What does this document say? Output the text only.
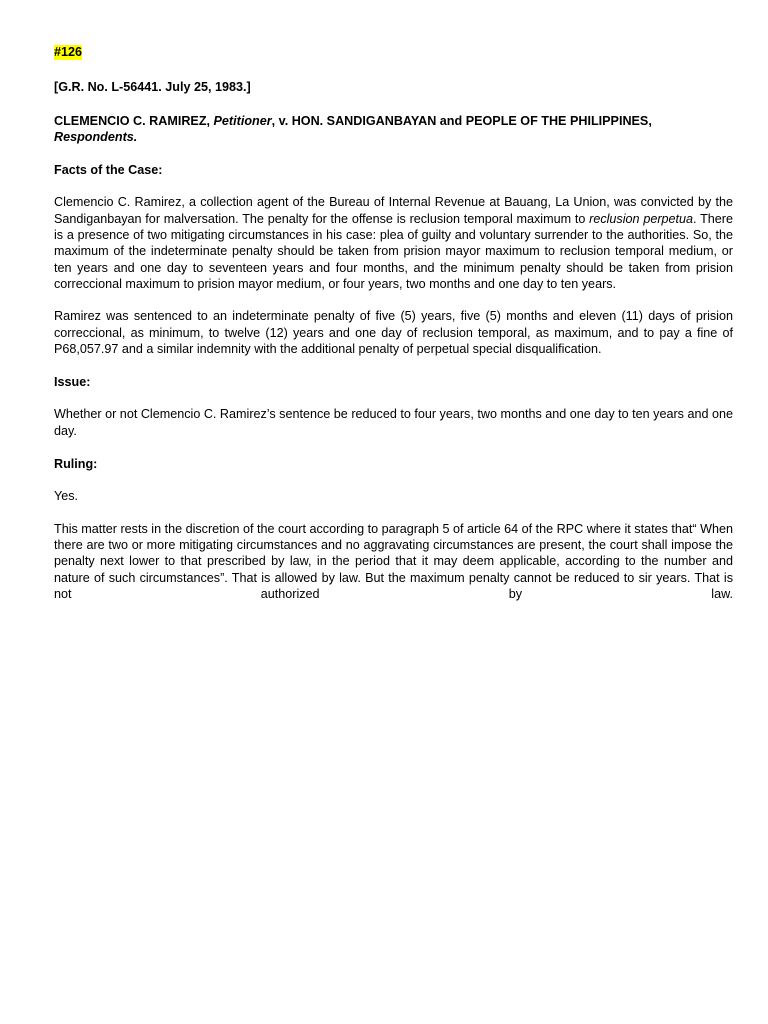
#126

[G.R. No. L-56441. July 25, 1983.]

CLEMENCIO C. RAMIREZ, Petitioner, v. HON. SANDIGANBAYAN and PEOPLE OF THE PHILIPPINES, Respondents.

Facts of the Case:

Clemencio C. Ramirez, a collection agent of the Bureau of Internal Revenue at Bauang, La Union, was convicted by the Sandiganbayan for malversation. The penalty for the offense is reclusion temporal maximum to reclusion perpetua. There is a presence of two mitigating circumstances in his case: plea of guilty and voluntary surrender to the authorities. So, the maximum of the indeterminate penalty should be taken from prision mayor maximum to reclusion temporal medium, or ten years and one day to seventeen years and four months, and the minimum penalty should be taken from prision correccional maximum to prision mayor medium, or four years, two months and one day to ten years.

Ramirez was sentenced to an indeterminate penalty of five (5) years, five (5) months and eleven (11) days of prision correccional, as minimum, to twelve (12) years and one day of reclusion temporal, as maximum, and to pay a fine of P68,057.97 and a similar indemnity with the additional penalty of perpetual special disqualification.

Issue:

Whether or not Clemencio C. Ramirez’s sentence be reduced to four years, two months and one day to ten years and one day.

Ruling:

Yes.

This matter rests in the discretion of the court according to paragraph 5 of article 64 of the RPC where it states that“ When there are two or more mitigating circumstances and no aggravating circumstances are present, the court shall impose the penalty next lower to that prescribed by law, in the period that it may deem applicable, according to the number and nature of such circumstances”. That is allowed by law. But the maximum penalty cannot be reduced to sir years. That is not authorized by law.
